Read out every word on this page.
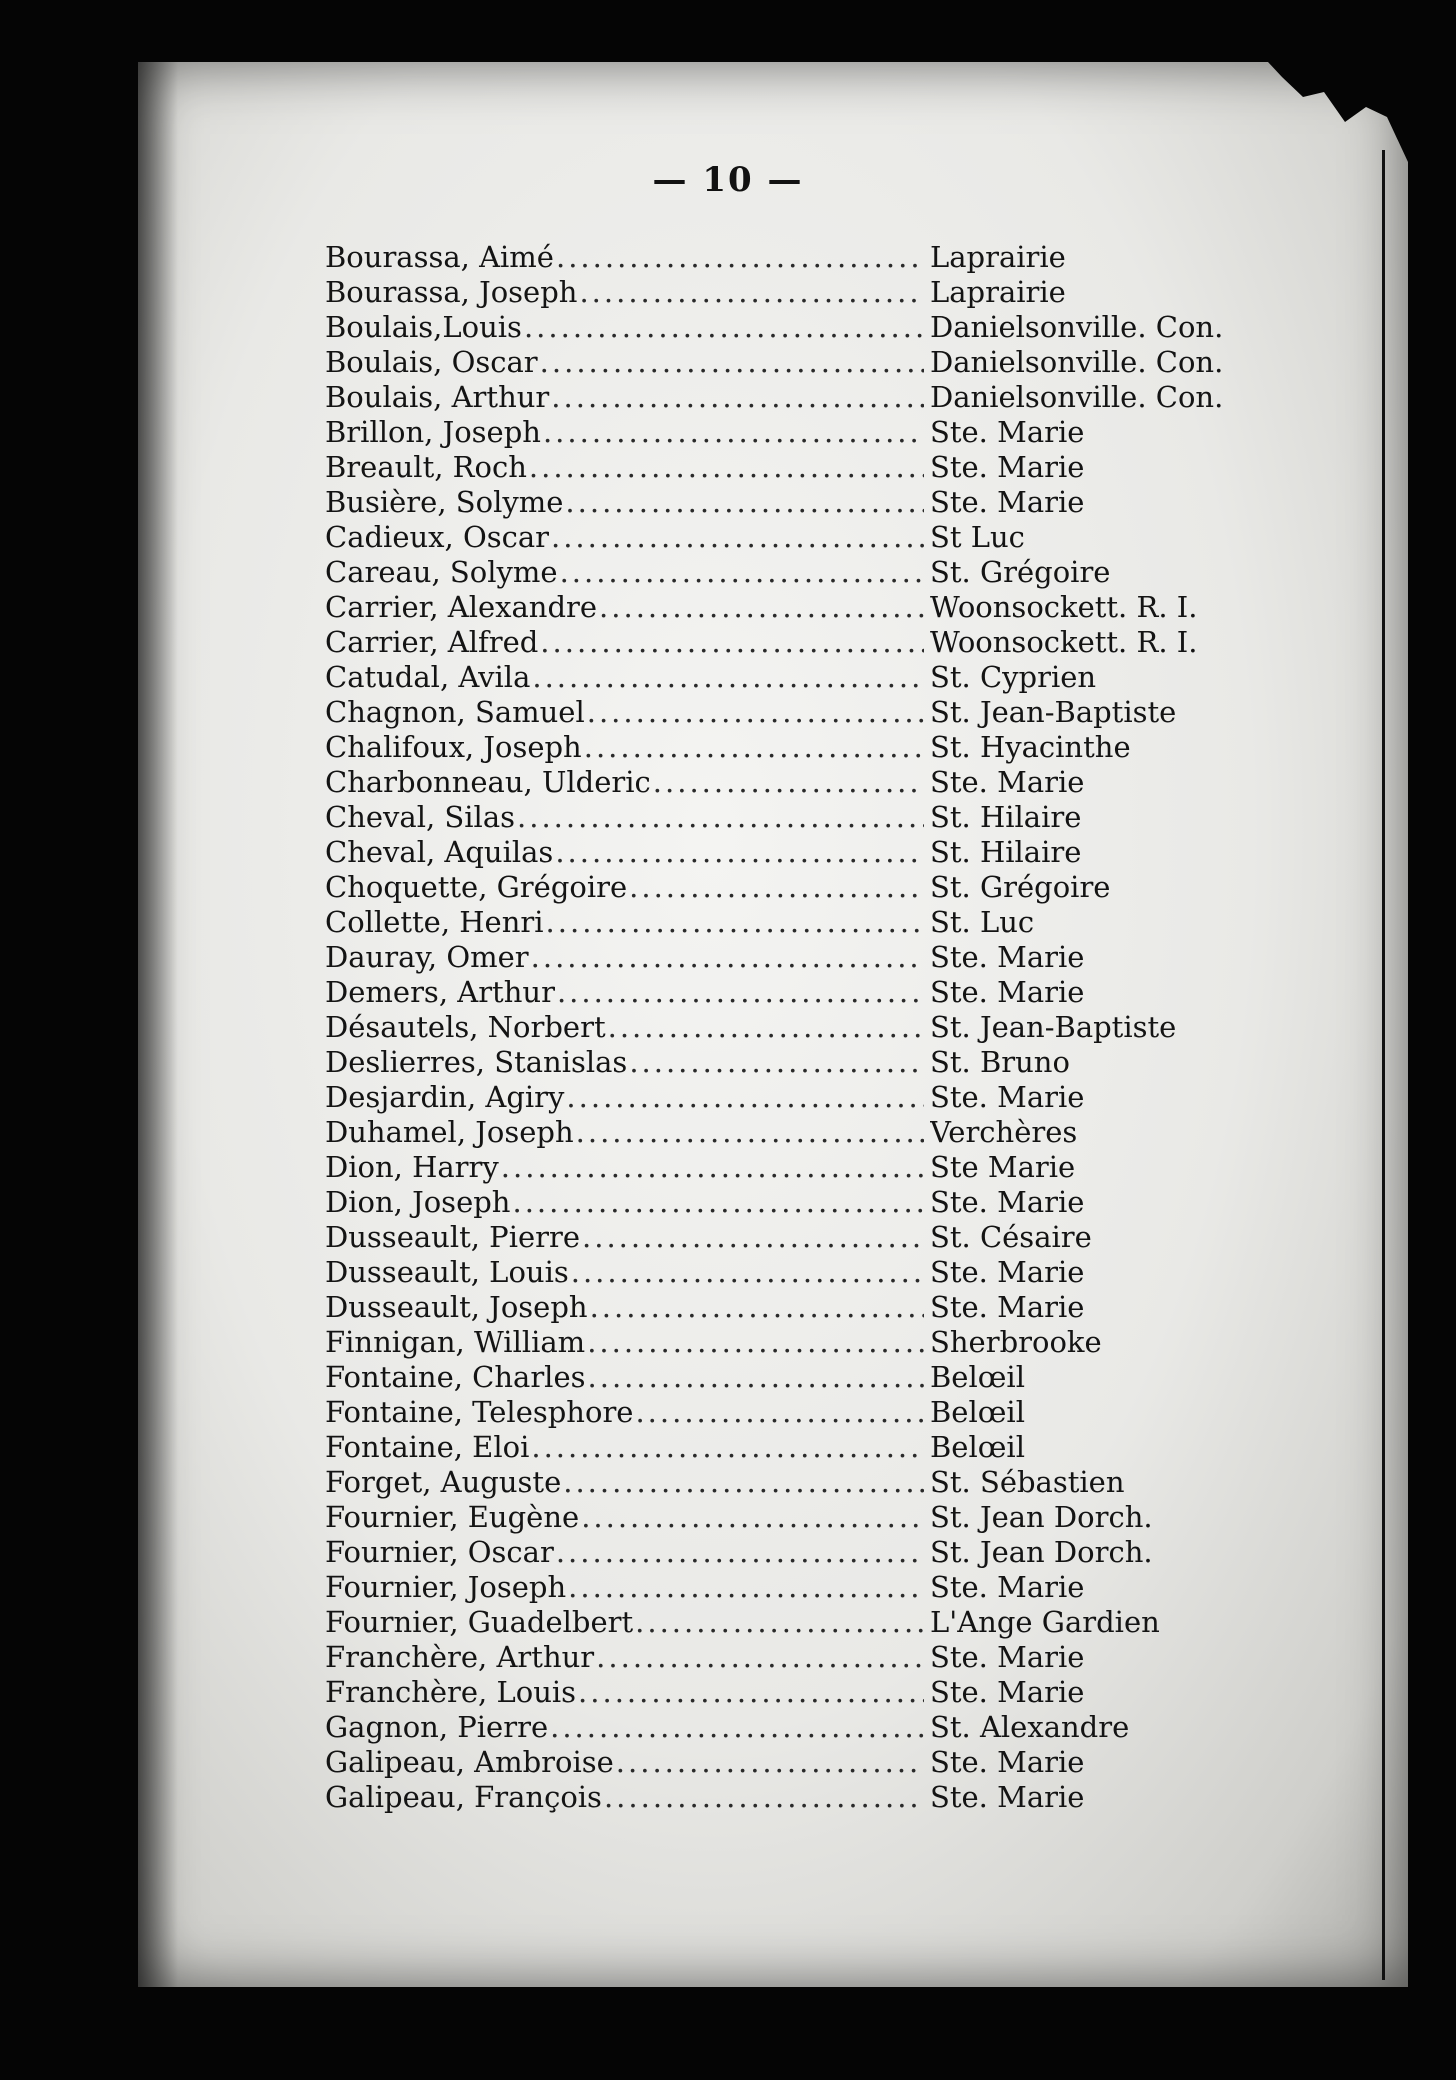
— 10 —
Bourassa, Aimé .....	Laprairie
Bourassa, Joseph .....	Laprairie
Boulais,Louis .....	Danielsonville. Con.
Boulais, Oscar .....	Danielsonville. Con.
Boulais, Arthur .....	Danielsonville. Con.
Brillon, Joseph .....	Ste. Marie
Breault, Roch .....	Ste. Marie
Busière, Solyme .....	Ste. Marie
Cadieux, Oscar .....	St Luc
Careau, Solyme .....	St. Grégoire
Carrier, Alexandre .....	Woonsockett. R. I.
Carrier, Alfred .....	Woonsockett. R. I.
Catudal, Avila .....	St. Cyprien
Chagnon, Samuel .....	St. Jean-Baptiste
Chalifoux, Joseph .....	St. Hyacinthe
Charbonneau, Ulderic .....	Ste. Marie
Cheval, Silas .....	St. Hilaire
Cheval, Aquilas .....	St. Hilaire
Choquette, Grégoire .....	St. Grégoire
Collette, Henri .....	St. Luc
Dauray, Omer .....	Ste. Marie
Demers, Arthur .....	Ste. Marie
Désautels, Norbert .....	St. Jean-Baptiste
Deslierres, Stanislas .....	St. Bruno
Desjardin, Agiry .....	Ste. Marie
Duhamel, Joseph .....	Verchères
Dion, Harry .....	Ste Marie
Dion, Joseph .....	Ste. Marie
Dusseault, Pierre .....	St. Césaire
Dusseault, Louis .....	Ste. Marie
Dusseault, Joseph .....	Ste. Marie
Finnigan, William .....	Sherbrooke
Fontaine, Charles .....	Belœil
Fontaine, Telesphore .....	Belœil
Fontaine, Eloi .....	Belœil
Forget, Auguste .....	St. Sébastien
Fournier, Eugène .....	St. Jean Dorch.
Fournier, Oscar .....	St. Jean Dorch.
Fournier, Joseph .....	Ste. Marie
Fournier, Guadelbert .....	L'Ange Gardien
Franchère, Arthur .....	Ste. Marie
Franchère, Louis .....	Ste. Marie
Gagnon, Pierre .....	St. Alexandre
Galipeau, Ambroise .....	Ste. Marie
Galipeau, François .....	Ste. Marie
